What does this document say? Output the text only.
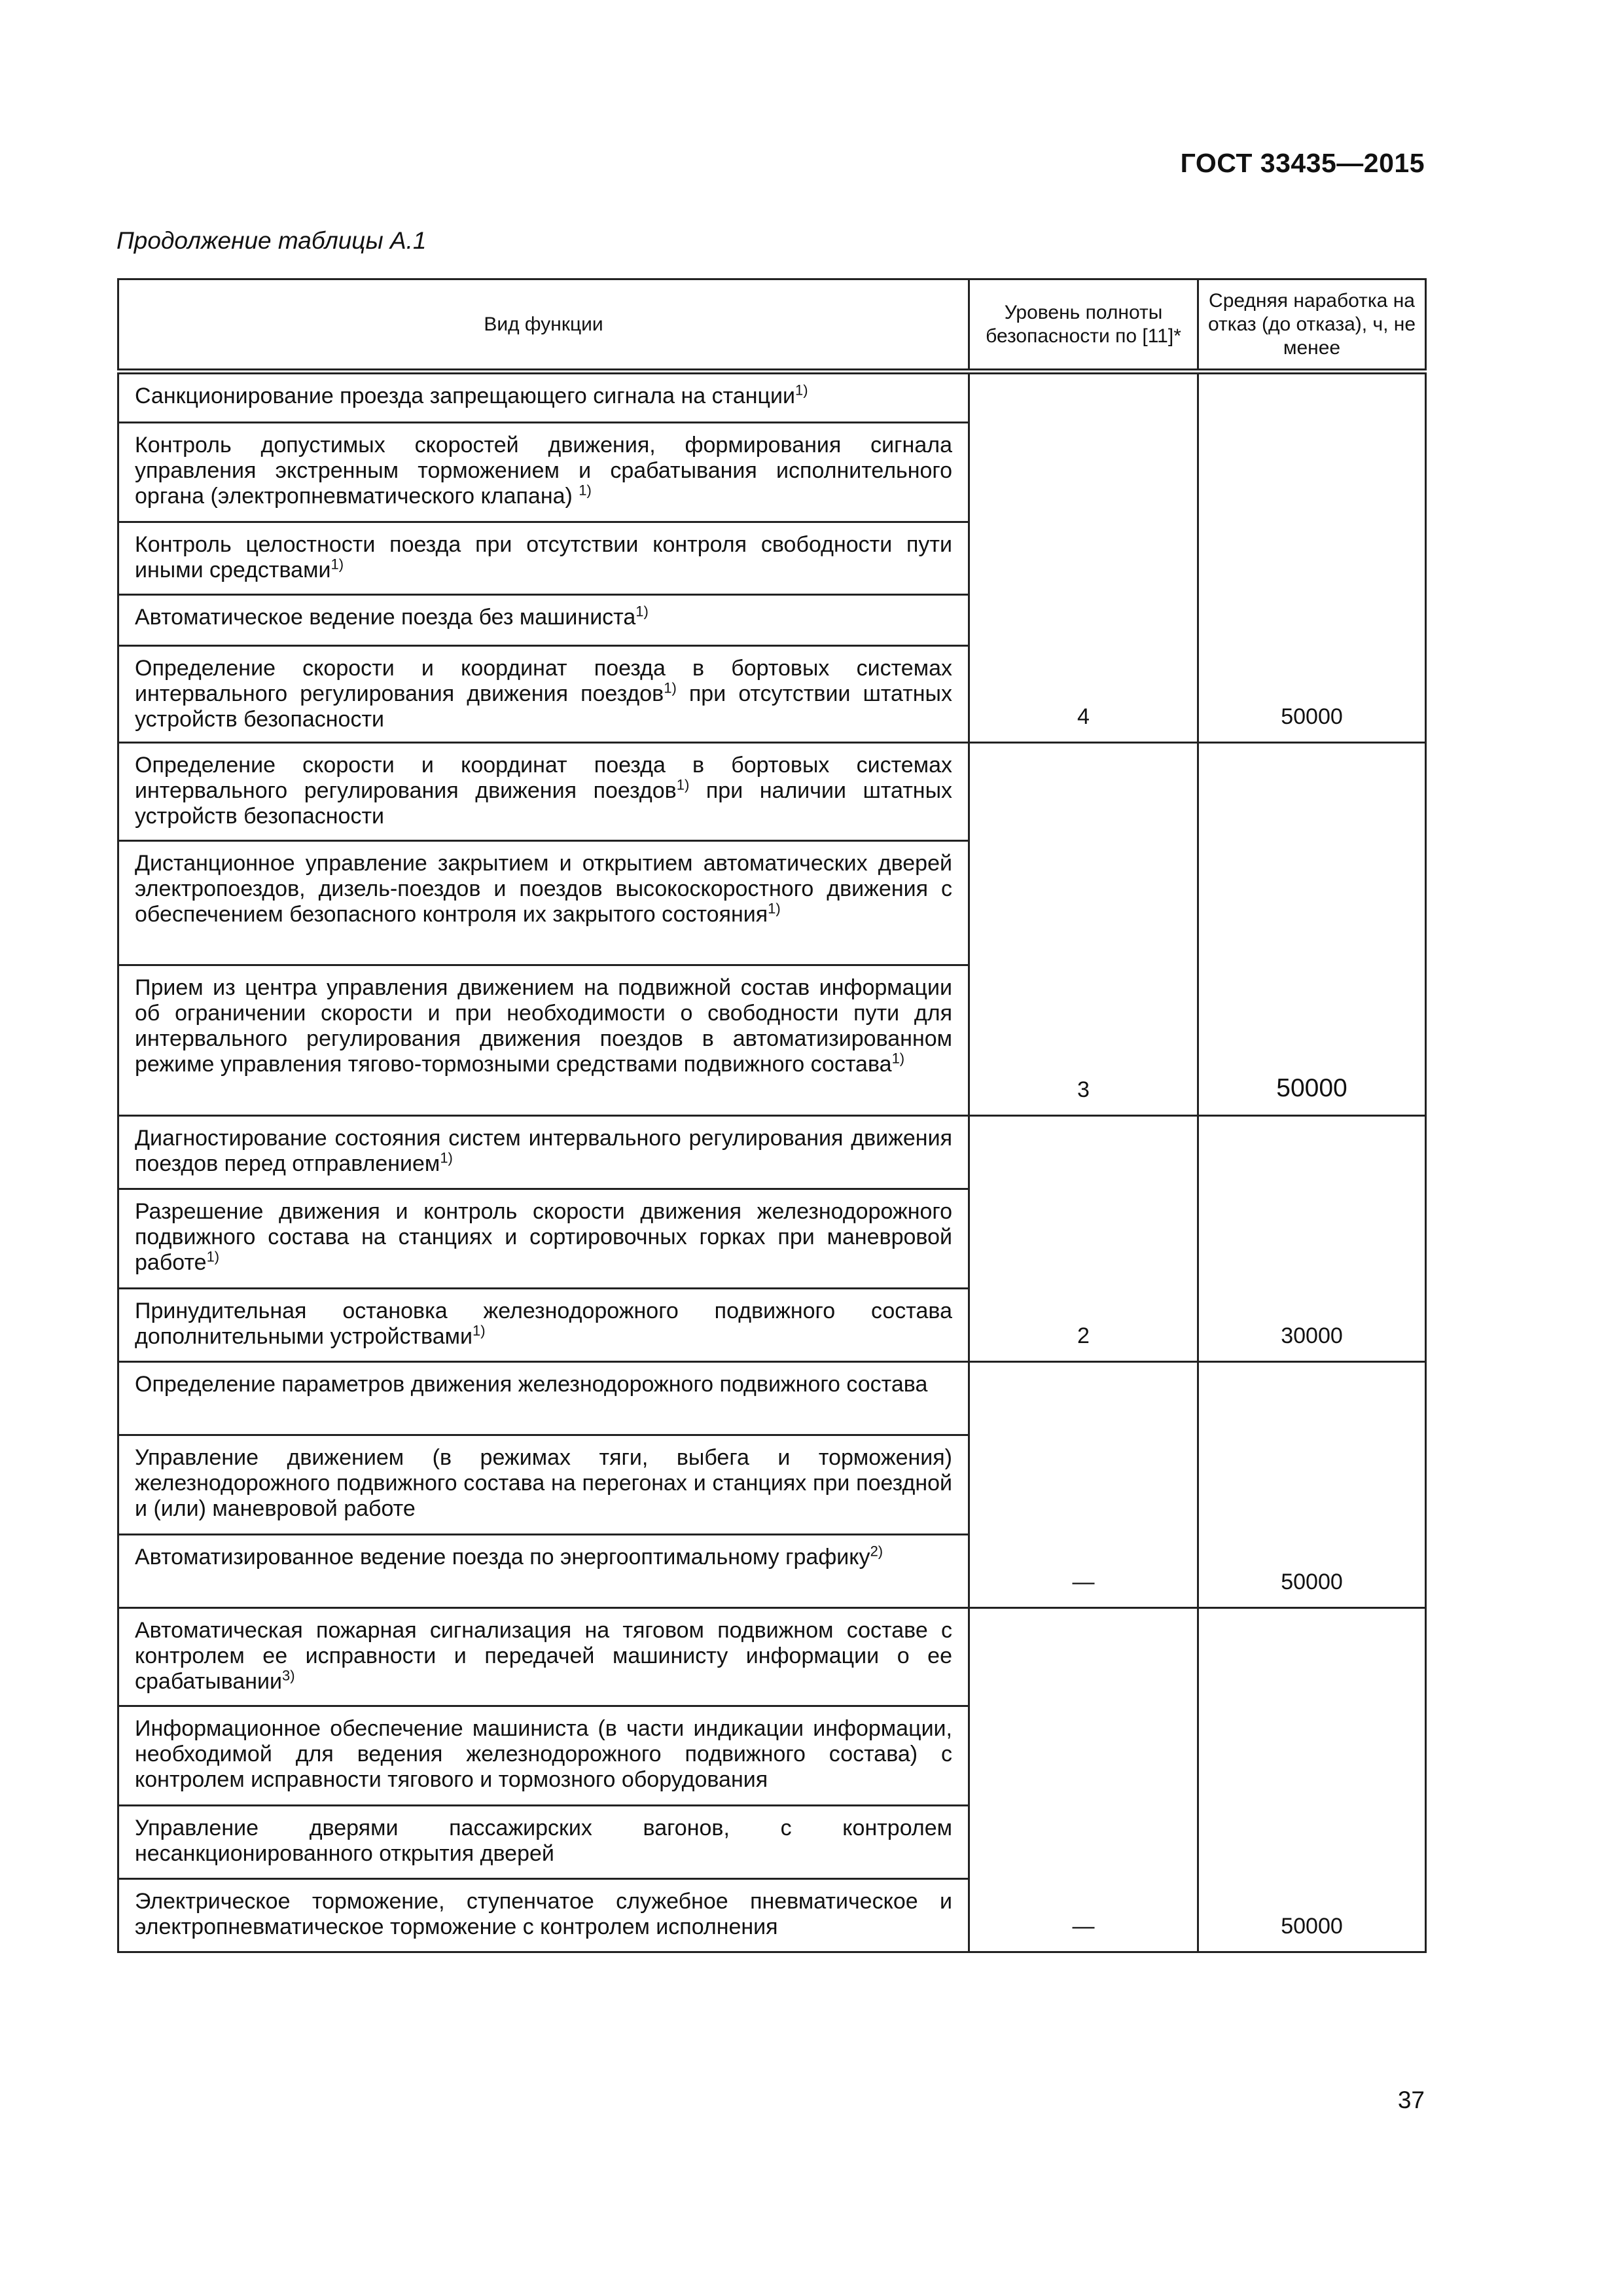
ГОСТ 33435—2015
Продолжение таблицы А.1
Вид функции	Уровень полноты безопасности по [11]*	Средняя наработка на отказ (до отказа), ч, не менее
Санкционирование проезда запрещающего сигнала на станции$^{1)}$	4	50000
Контроль допустимых скоростей движения, формирования сигнала управления экстренным торможением и срабатывания исполнительного органа (электропневматического клапана) $^{1)}$
Контроль целостности поезда при отсутствии контроля свободности пути иными средствами$^{1)}$
Автоматическое ведение поезда без машиниста$^{1)}$
Определение скорости и координат поезда в бортовых системах интервального регулирования движения поездов$^{1)}$ при отсутствии штатных устройств безопасности		
Определение скорости и координат поезда в бортовых системах интервального регулирования движения поездов$^{1)}$ при наличии штатных устройств безопасности	3	50000
Дистанционное управление закрытием и открытием автоматических дверей электропоездов, дизель-поездов и поездов высокоскоростного движения с обеспечением безопасного контроля их закрытого состояния$^{1)}$
Прием из центра управления движением на подвижной состав информации об ограничении скорости и при необходимости о свободности пути для интервального регулирования движения поездов в автоматизированном режиме управления тягово-тормозными средствами подвижного состава$^{1)}$
Диагностирование состояния систем интервального регулирования движения поездов перед отправлением$^{1)}$	2	30000
Разрешение движения и контроль скорости движения железнодорожного подвижного состава на станциях и сортировочных горках при маневровой работе$^{1)}$
Принудительная остановка железнодорожного подвижного состава дополнительными устройствами$^{1)}$
Определение параметров движения железнодорожного подвижного состава	—	50000
Управление движением (в режимах тяги, выбега и торможения) железнодорожного подвижного состава на перегонах и станциях при поездной и (или) маневровой работе		
Автоматизированное ведение поезда по энергооптимальному графику$^{2)}$
Автоматическая пожарная сигнализация на тяговом подвижном составе с контролем ее исправности и передачей машинисту информации о ее срабатывании$^{3)}$	—	50000
Информационное обеспечение машиниста (в части индикации информации, необходимой для ведения железнодорожного подвижного состава) с контролем исправности тягового и тормозного оборудования		
Управление дверями пассажирских вагонов, с контролем несанкционированного открытия дверей		
Электрическое торможение, ступенчатое служебное пневматическое и электропневматическое торможение с контролем исполнения		
37
